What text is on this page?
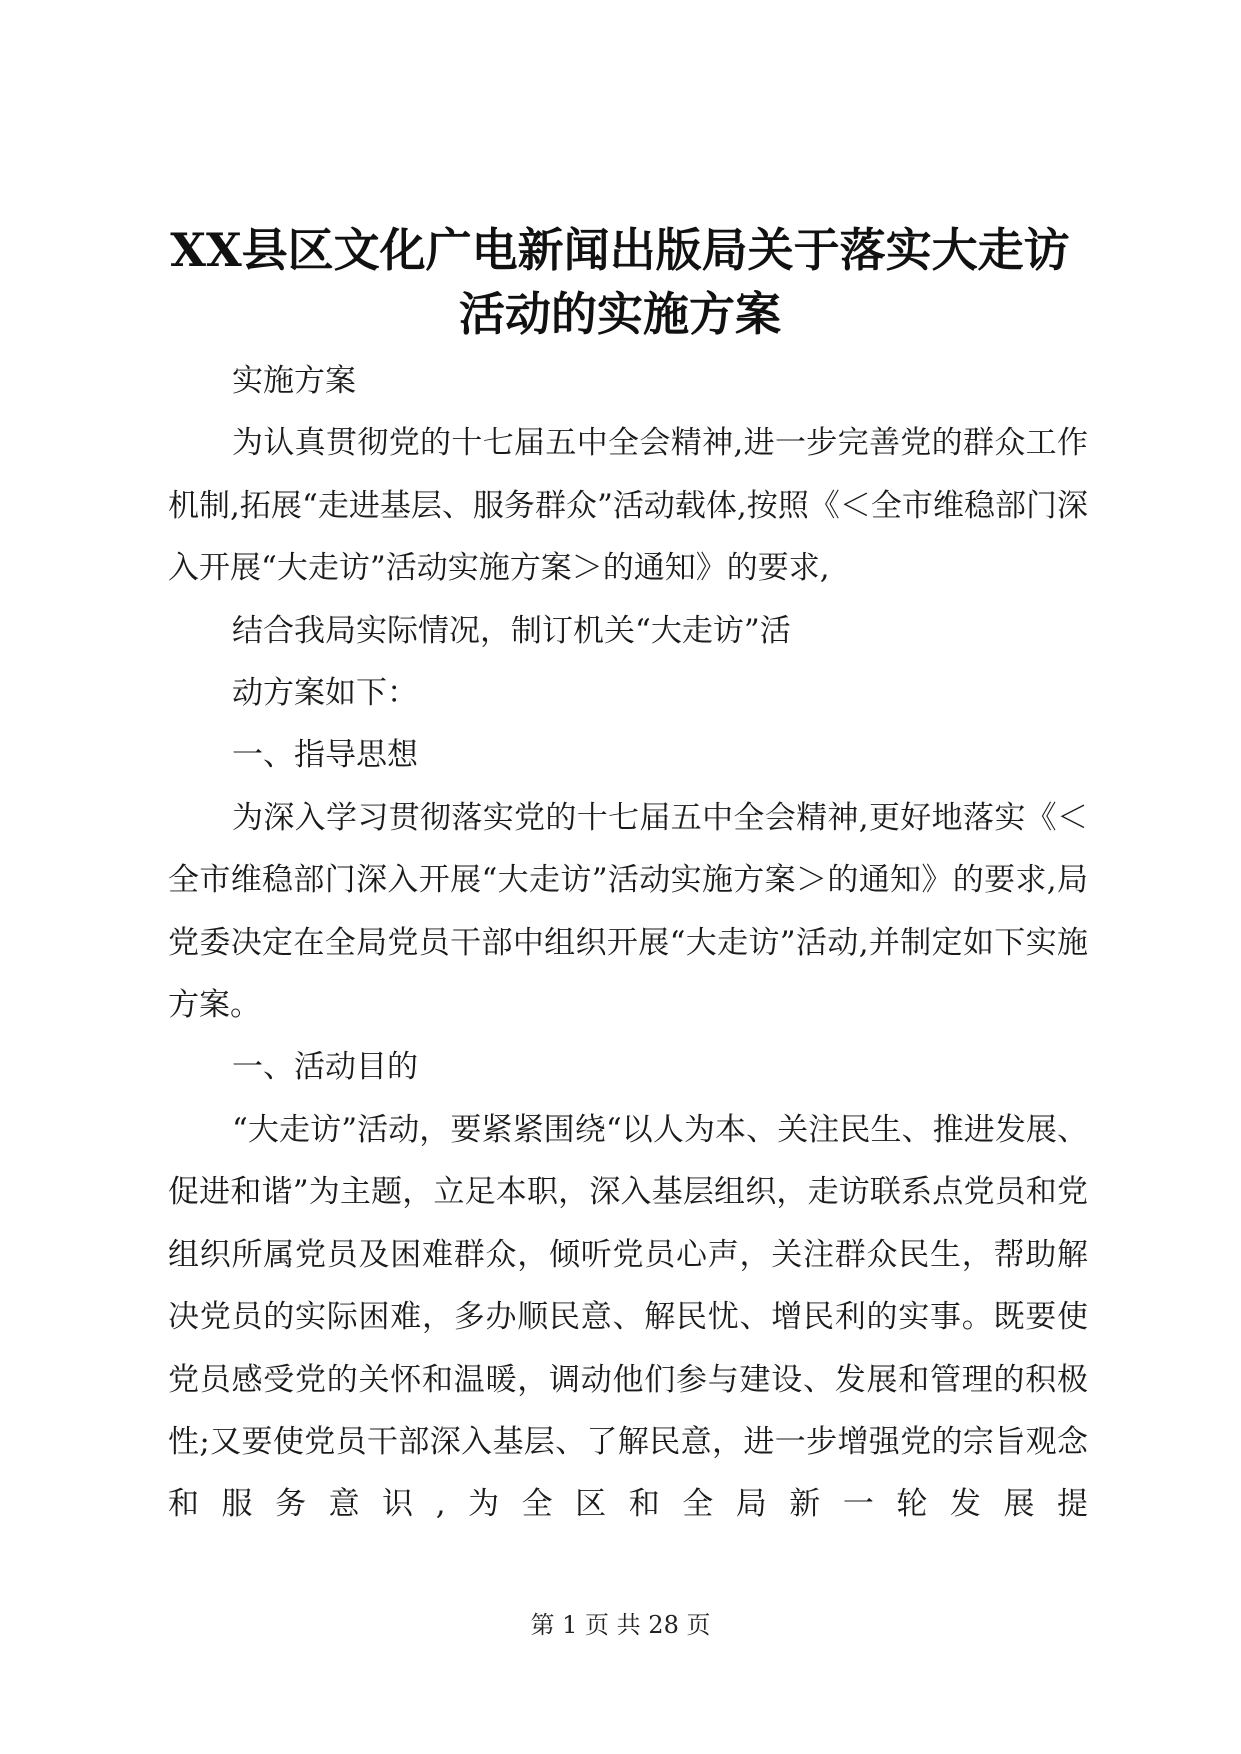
XX县区文化广电新闻出版局关于落实大走访
活动的实施方案

实施方案

为认真贯彻党的十七届五中全会精神,进一步完善党的群众工作机制,拓展“走进基层、服务群众”活动载体,按照《＜全市维稳部门深入开展“大走访”活动实施方案＞的通知》的要求,

结合我局实际情况，制订机关“大走访”活

动方案如下：

一、指导思想

为深入学习贯彻落实党的十七届五中全会精神,更好地落实《＜全市维稳部门深入开展“大走访”活动实施方案＞的通知》的要求,局党委决定在全局党员干部中组织开展“大走访”活动,并制定如下实施方案。

一、活动目的

“大走访”活动，要紧紧围绕“以人为本、关注民生、推进发展、促进和谐”为主题，立足本职，深入基层组织，走访联系点党员和党组织所属党员及困难群众，倾听党员心声，关注群众民生，帮助解决党员的实际困难，多办顺民意、解民忧、增民利的实事。既要使党员感受党的关怀和温暖，调动他们参与建设、发展和管理的积极性;又要使党员干部深入基层、了解民意，进一步增强党的宗旨观念和服务意识,为全区和全局新一轮发展提

第 1 页 共 28 页
